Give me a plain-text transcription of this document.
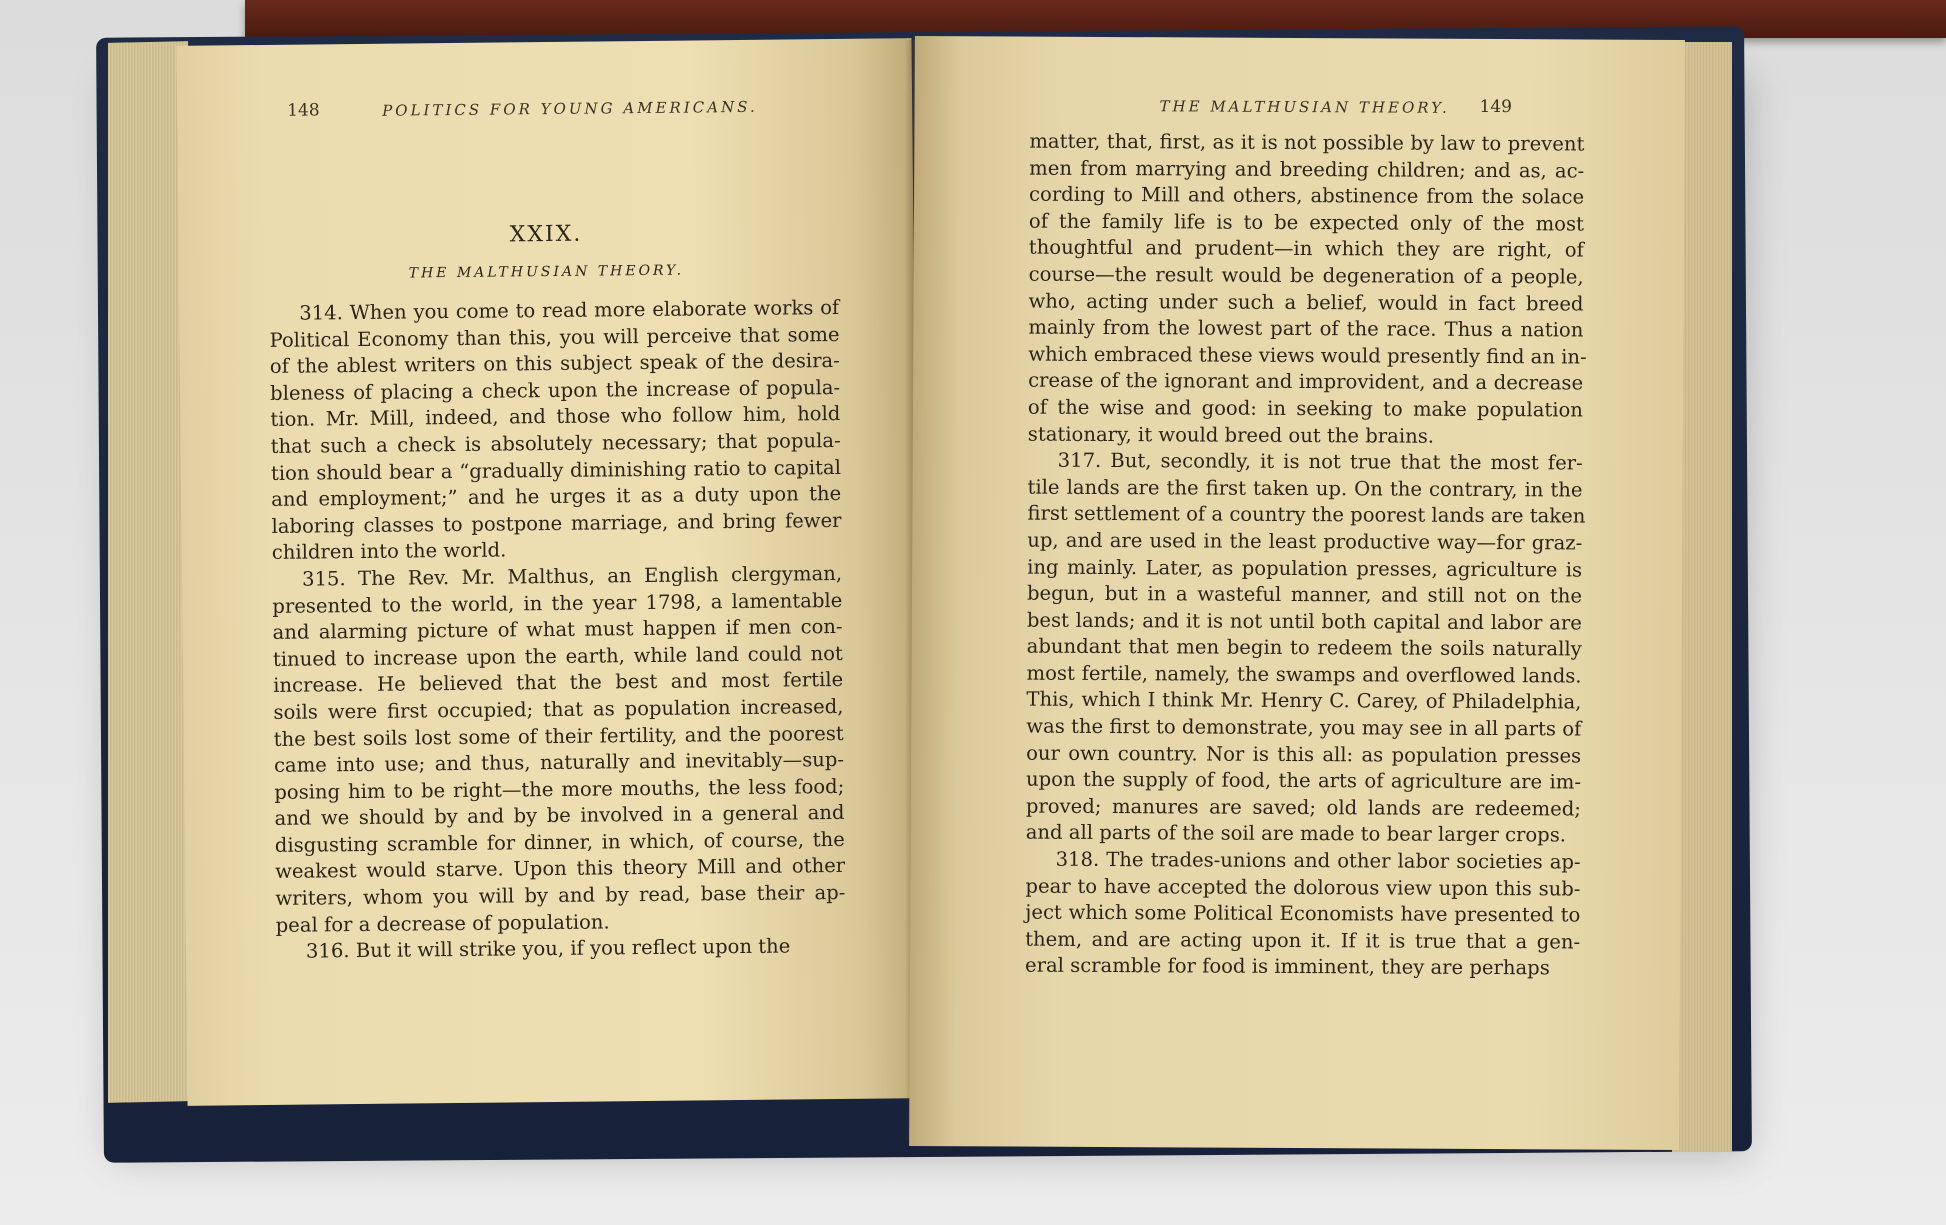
148	POLITICS FOR YOUNG AMERICANS.
XXIX.
THE MALTHUSIAN THEORY.
314. When you come to read more elaborate works of
Political Economy than this, you will perceive that some
of the ablest writers on this subject speak of the desira-
bleness of placing a check upon the increase of popula-
tion. Mr. Mill, indeed, and those who follow him, hold
that such a check is absolutely necessary; that popula-
tion should bear a “gradually diminishing ratio to capital
and employment;” and he urges it as a duty upon the
laboring classes to postpone marriage, and bring fewer
children into the world.
315. The Rev. Mr. Malthus, an English clergyman,
presented to the world, in the year 1798, a lamentable
and alarming picture of what must happen if men con-
tinued to increase upon the earth, while land could not
increase. He believed that the best and most fertile
soils were first occupied; that as population increased,
the best soils lost some of their fertility, and the poorest
came into use; and thus, naturally and inevitably—sup-
posing him to be right—the more mouths, the less food;
and we should by and by be involved in a general and
disgusting scramble for dinner, in which, of course, the
weakest would starve. Upon this theory Mill and other
writers, whom you will by and by read, base their ap-
peal for a decrease of population.
316. But it will strike you, if you reflect upon the
THE MALTHUSIAN THEORY. 149
matter, that, first, as it is not possible by law to prevent
men from marrying and breeding children; and as, ac-
cording to Mill and others, abstinence from the solace
of the family life is to be expected only of the most
thoughtful and prudent—in which they are right, of
course—the result would be degeneration of a people,
who, acting under such a belief, would in fact breed
mainly from the lowest part of the race. Thus a nation
which embraced these views would presently find an in-
crease of the ignorant and improvident, and a decrease
of the wise and good: in seeking to make population
stationary, it would breed out the brains.
317. But, secondly, it is not true that the most fer-
tile lands are the first taken up. On the contrary, in the
first settlement of a country the poorest lands are taken
up, and are used in the least productive way—for graz-
ing mainly. Later, as population presses, agriculture is
begun, but in a wasteful manner, and still not on the
best lands; and it is not until both capital and labor are
abundant that men begin to redeem the soils naturally
most fertile, namely, the swamps and overflowed lands.
This, which I think Mr. Henry C. Carey, of Philadelphia,
was the first to demonstrate, you may see in all parts of
our own country. Nor is this all: as population presses
upon the supply of food, the arts of agriculture are im-
proved; manures are saved; old lands are redeemed;
and all parts of the soil are made to bear larger crops.
318. The trades-unions and other labor societies ap-
pear to have accepted the dolorous view upon this sub-
ject which some Political Economists have presented to
them, and are acting upon it. If it is true that a gen-
eral scramble for food is imminent, they are perhaps
